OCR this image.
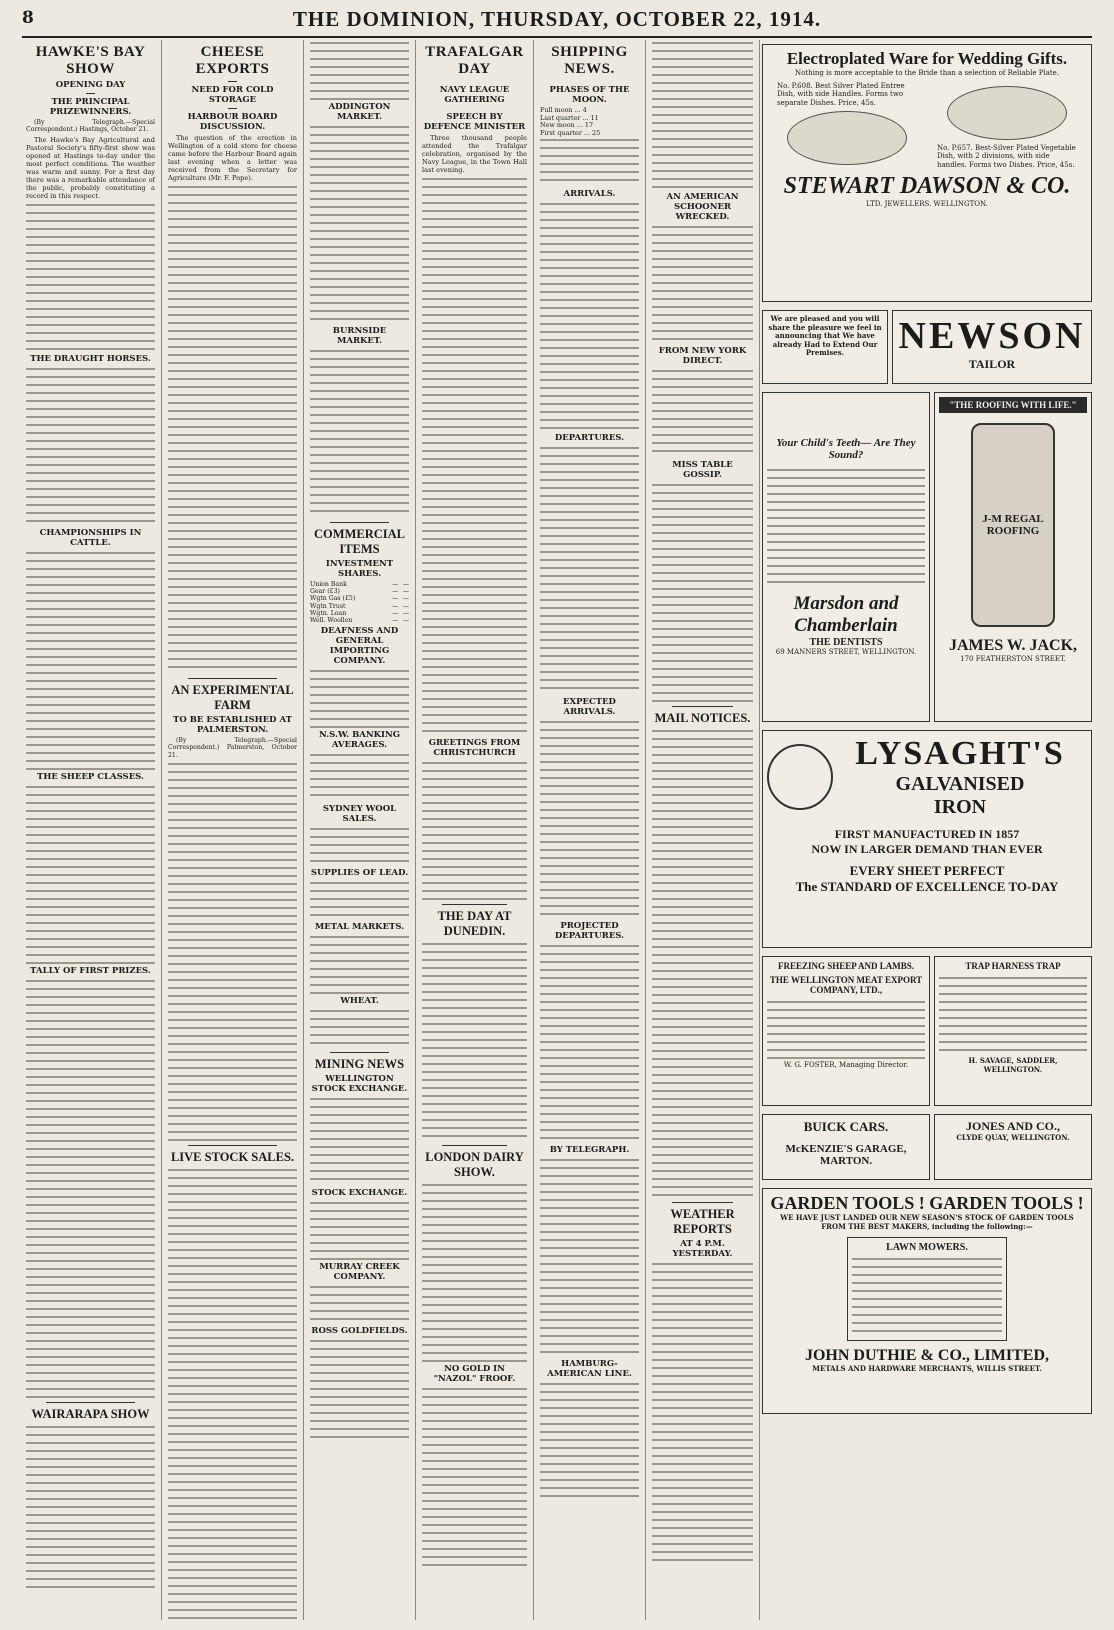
8	THE DOMINION, THURSDAY, OCTOBER 22, 1914.
HAWKE'S BAY SHOW
OPENING DAY
THE PRINCIPAL PRIZEWINNERS.

(By Telegraph.—Special Correspondent.) Hastings, October 21.

The Hawke's Bay Agricultural and Pastoral Society's fifty-first show was opened at Hastings to-day under the most perfect conditions. The weather was warm and sunny. For a first day there was a remarkable attendance of the public, probably constituting a record in this respect.

THE DRAUGHT HORSES.
CHAMPIONSHIPS IN CATTLE.
THE SHEEP CLASSES.
TALLY OF FIRST PRIZES.
WAIRARAPA SHOW
CHEESE EXPORTS
NEED FOR COLD STORAGE
HARBOUR BOARD DISCUSSION.

The question of the erection in Wellington of a cold store for cheese came before the Harbour Board again last evening when a letter was received from the Secretary for Agriculture (Mr. F. Pope).

AN EXPERIMENTAL FARM
TO BE ESTABLISHED AT PALMERSTON.

(By Telegraph.—Special Correspondent.) Palmerston, October 21.

LIVE STOCK SALES.
ADDINGTON MARKET.
BURNSIDE MARKET.
COMMERCIAL ITEMS
INVESTMENT SHARES.
Union Bank	—	—
Gear (£3)	—	—
Wgtn Gas (£5)	—	—
Wgtn Trust	—	—
Wgtn. Loan	—	—
Well. Woollen	—	—
DEAFNESS AND GENERAL IMPORTING COMPANY.
N.S.W. BANKING AVERAGES.
SYDNEY WOOL SALES.
SUPPLIES OF LEAD.
METAL MARKETS.
WHEAT.
MINING NEWS
WELLINGTON STOCK EXCHANGE.
STOCK EXCHANGE.
MURRAY CREEK COMPANY.
ROSS GOLDFIELDS.
TRAFALGAR DAY
NAVY LEAGUE GATHERING
SPEECH BY DEFENCE MINISTER

Three thousand people attended the Trafalgar celebration, organised by the Navy League, in the Town Hall last evening.

GREETINGS FROM CHRISTCHURCH
THE DAY AT DUNEDIN.
LONDON DAIRY SHOW.
NO GOLD IN "NAZOL" FROOF.
SHIPPING NEWS.
PHASES OF THE MOON.
Full moon ... 4
Last quarter ... 11
New moon ... 17
First quarter ... 25
ARRIVALS.
DEPARTURES.
EXPECTED ARRIVALS.
PROJECTED DEPARTURES.
BY TELEGRAPH.
HAMBURG-AMERICAN LINE.
AN AMERICAN SCHOONER WRECKED.
FROM NEW YORK DIRECT.
MISS TABLE GOSSIP.
MAIL NOTICES.
WEATHER REPORTS
AT 4 P.M. YESTERDAY.
Electroplated Ware for Wedding Gifts.
Nothing is more acceptable to the Bride than a selection of Reliable Plate.
No. P.608. Best Silver Plated Entree Dish, with side Handles. Forms two separate Dishes. Price, 45s.
No. P.657. Best-Silver Plated Vegetable Dish, with 2 divisions, with side handles. Forms two Dishes. Price, 45s.
STEWART DAWSON & CO.
LTD. JEWELLERS. WELLINGTON.
We are pleased and you will share the pleasure we feel in announcing that We have already Had to Extend Our Premises.	NEWSON
TAILOR
Your Child's Teeth— Are They Sound?
Marsdon and Chamberlain
THE DENTISTS
69 MANNERS STREET, WELLINGTON.
"THE ROOFING WITH LIFE."
J-M REGAL ROOFING
JAMES W. JACK,
170 FEATHERSTON STREET.
LYSAGHT'S
GALVANISED
IRON
FIRST MANUFACTURED IN 1857
NOW IN LARGER DEMAND THAN EVER
EVERY SHEET PERFECT
The STANDARD OF EXCELLENCE TO-DAY
FREEZING SHEEP AND LAMBS.
THE WELLINGTON MEAT EXPORT COMPANY, LTD.,
W. G. FOSTER, Managing Director.
TRAP HARNESS TRAP
H. SAVAGE, SADDLER, WELLINGTON.
BUICK CARS.
McKENZIE'S GARAGE, MARTON.
JONES AND CO.,
CLYDE QUAY, WELLINGTON.
GARDEN TOOLS ! GARDEN TOOLS !
WE HAVE JUST LANDED OUR NEW SEASON'S STOCK OF GARDEN TOOLS FROM THE BEST MAKERS, including the following:—
LAWN MOWERS.
JOHN DUTHIE & CO., LIMITED,
METALS AND HARDWARE MERCHANTS, WILLIS STREET.
